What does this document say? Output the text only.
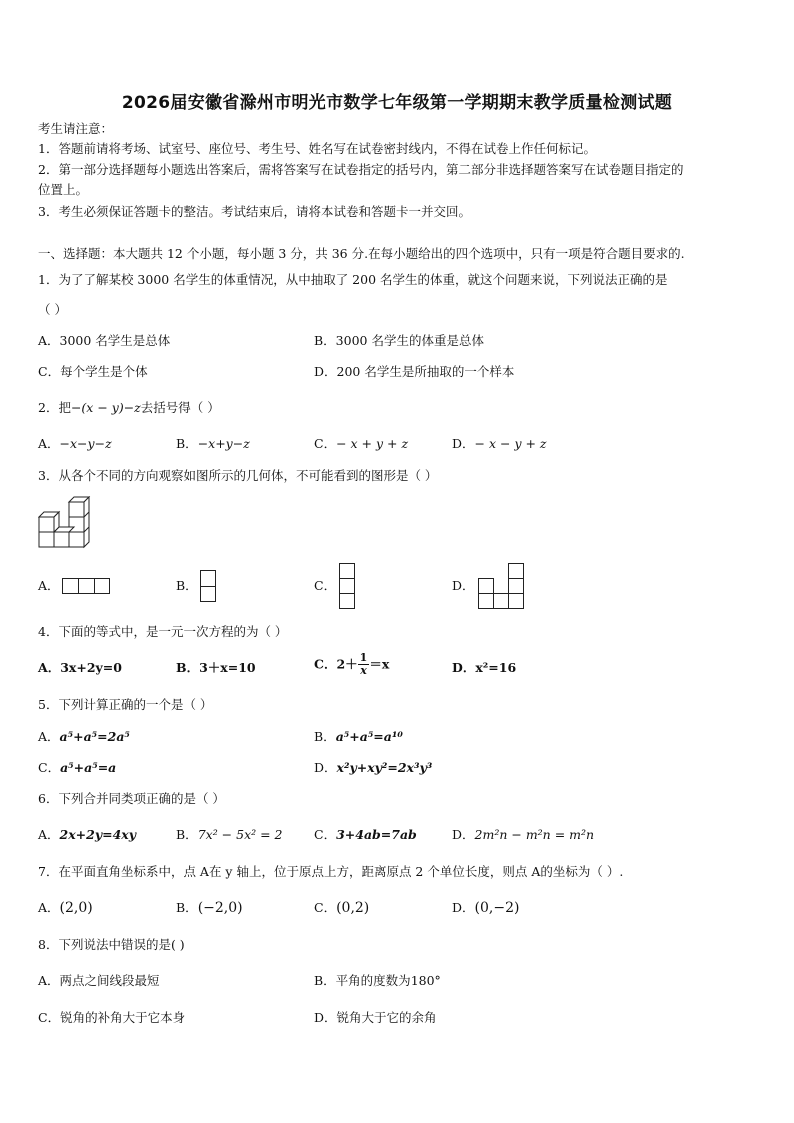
2026届安徽省滁州市明光市数学七年级第一学期期末教学质量检测试题
考生请注意：
1．答题前请将考场、试室号、座位号、考生号、姓名写在试卷密封线内，不得在试卷上作任何标记。
2．第一部分选择题每小题选出答案后，需将答案写在试卷指定的括号内，第二部分非选择题答案写在试卷题目指定的
位置上。
3．考生必须保证答题卡的整洁。考试结束后，请将本试卷和答题卡一并交回。
一、选择题：本大题共 12 个小题，每小题 3 分，共 36 分.在每小题给出的四个选项中，只有一项是符合题目要求的.
1．为了了解某校 3000 名学生的体重情况，从中抽取了 200 名学生的体重，就这个问题来说，下列说法正确的是
（ ）
A．3000 名学生是总体	B．3000 名学生的体重是总体
C．每个学生是个体	D．200 名学生是所抽取的一个样本
2．把−(x − y)−z去括号得（ ）
A．−x−y−z	B．−x+y−z	C．− x + y + z	D．− x − y + z
3．从各个不同的方向观察如图所示的几何体，不可能看到的图形是（ ）
A．	B．	C．	D．
4．下面的等式中，是一元一次方程的为（ ）
A．3x+2y=0	B．3＋x=10	C．$2+ \frac{1}{x} =x$	D．x²=16
5．下列计算正确的一个是（ ）
A．a⁵+a⁵=2a⁵	B．a⁵+a⁵=a¹⁰
C．a⁵+a⁵=a	D．x²y+xy²=2x³y³
6．下列合并同类项正确的是（ ）
A．2x+2y=4xy	B．7x² − 5x² = 2	C．3+4ab=7ab	D．2m²n − m²n = m²n
7．在平面直角坐标系中，点 A在 y 轴上，位于原点上方，距离原点 2 个单位长度，则点 A的坐标为（ ）.
A．(2,0)	B．(−2,0)	C．(0,2)	D．(0,−2)
8．下列说法中错误的是( )
A．两点之间线段最短	B．平角的度数为180°
C．锐角的补角大于它本身	D．锐角大于它的余角
